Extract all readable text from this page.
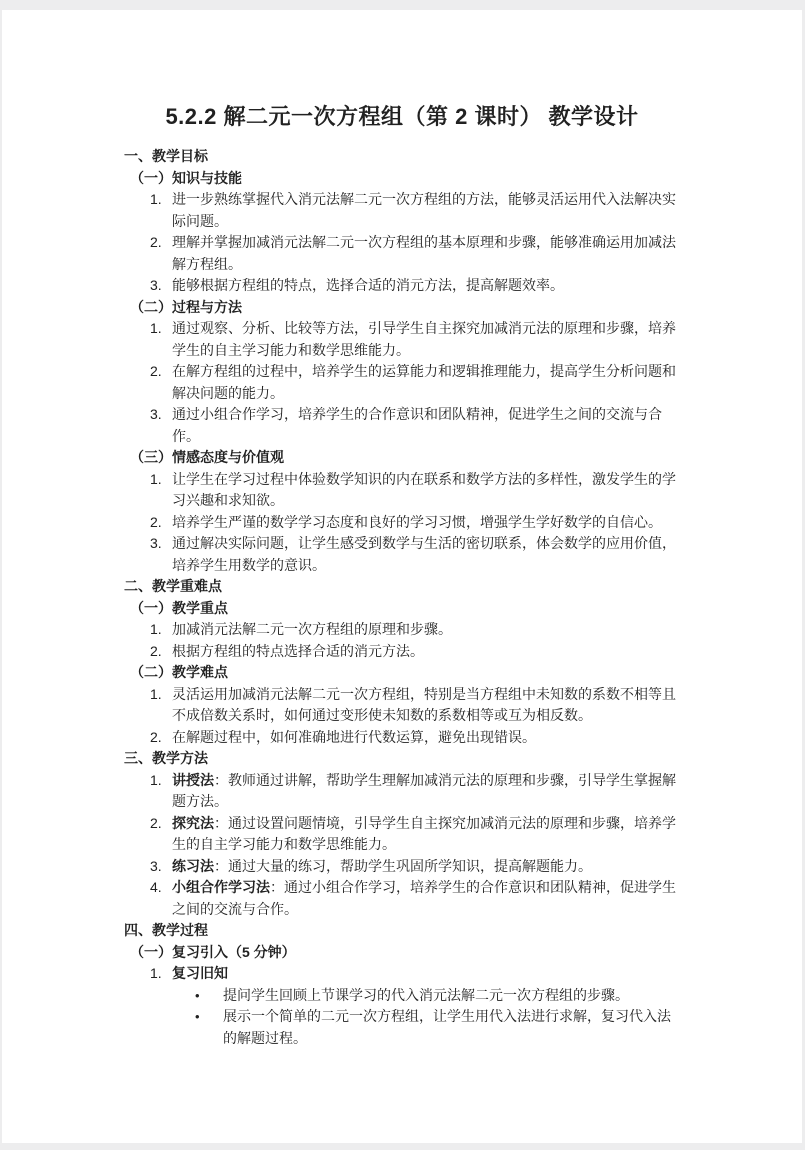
5.2.2 解二元一次方程组（第 2 课时） 教学设计
一、教学目标
（一）知识与技能
1. 进一步熟练掌握代入消元法解二元一次方程组的方法，能够灵活运用代入法解决实际问题。
2. 理解并掌握加减消元法解二元一次方程组的基本原理和步骤，能够准确运用加减法解方程组。
3. 能够根据方程组的特点，选择合适的消元方法，提高解题效率。
（二）过程与方法
1. 通过观察、分析、比较等方法，引导学生自主探究加减消元法的原理和步骤，培养学生的自主学习能力和数学思维能力。
2. 在解方程组的过程中，培养学生的运算能力和逻辑推理能力，提高学生分析问题和解决问题的能力。
3. 通过小组合作学习，培养学生的合作意识和团队精神，促进学生之间的交流与合作。
（三）情感态度与价值观
1. 让学生在学习过程中体验数学知识的内在联系和数学方法的多样性，激发学生的学习兴趣和求知欲。
2. 培养学生严谨的数学学习态度和良好的学习习惯，增强学生学好数学的自信心。
3. 通过解决实际问题，让学生感受到数学与生活的密切联系，体会数学的应用价值，培养学生用数学的意识。
二、教学重难点
（一）教学重点
1. 加减消元法解二元一次方程组的原理和步骤。
2. 根据方程组的特点选择合适的消元方法。
（二）教学难点
1. 灵活运用加减消元法解二元一次方程组，特别是当方程组中未知数的系数不相等且不成倍数关系时，如何通过变形使未知数的系数相等或互为相反数。
2. 在解题过程中，如何准确地进行代数运算，避免出现错误。
三、教学方法
1. 讲授法：教师通过讲解，帮助学生理解加减消元法的原理和步骤，引导学生掌握解题方法。
2. 探究法：通过设置问题情境，引导学生自主探究加减消元法的原理和步骤，培养学生的自主学习能力和数学思维能力。
3. 练习法：通过大量的练习，帮助学生巩固所学知识，提高解题能力。
4. 小组合作学习法：通过小组合作学习，培养学生的合作意识和团队精神，促进学生之间的交流与合作。
四、教学过程
（一）复习引入（5 分钟）
1. 复习旧知
•	提问学生回顾上节课学习的代入消元法解二元一次方程组的步骤。
•	展示一个简单的二元一次方程组，让学生用代入法进行求解，复习代入法的解题过程。
